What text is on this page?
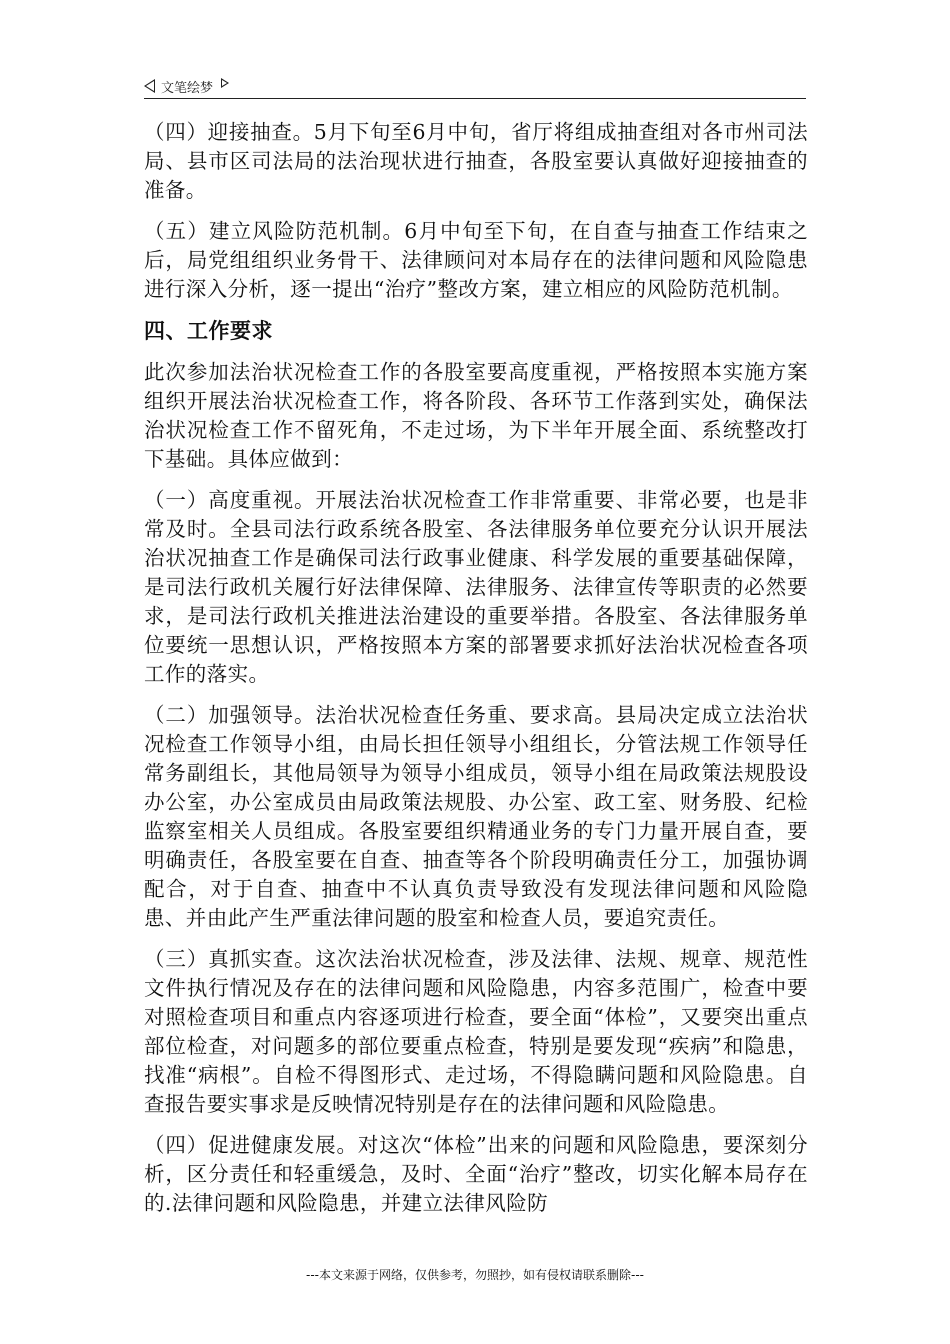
文笔绘梦

（四）迎接抽查。5月下旬至6月中旬，省厅将组成抽查组对各市州司法局、县市区司法局的法治现状进行抽查，各股室要认真做好迎接抽查的准备。

（五）建立风险防范机制。6月中旬至下旬，在自查与抽查工作结束之后，局党组组织业务骨干、法律顾问对本局存在的法律问题和风险隐患进行深入分析，逐一提出“治疗”整改方案，建立相应的风险防范机制。

四、工作要求

此次参加法治状况检查工作的各股室要高度重视，严格按照本实施方案组织开展法治状况检查工作，将各阶段、各环节工作落到实处，确保法治状况检查工作不留死角，不走过场，为下半年开展全面、系统整改打下基础。具体应做到：

（一）高度重视。开展法治状况检查工作非常重要、非常必要，也是非常及时。全县司法行政系统各股室、各法律服务单位要充分认识开展法治状况抽查工作是确保司法行政事业健康、科学发展的重要基础保障，是司法行政机关履行好法律保障、法律服务、法律宣传等职责的必然要求，是司法行政机关推进法治建设的重要举措。各股室、各法律服务单位要统一思想认识，严格按照本方案的部署要求抓好法治状况检查各项工作的落实。

（二）加强领导。法治状况检查任务重、要求高。县局决定成立法治状况检查工作领导小组，由局长担任领导小组组长，分管法规工作领导任常务副组长，其他局领导为领导小组成员，领导小组在局政策法规股设办公室，办公室成员由局政策法规股、办公室、政工室、财务股、纪检监察室相关人员组成。各股室要组织精通业务的专门力量开展自查，要明确责任，各股室要在自查、抽查等各个阶段明确责任分工，加强协调配合，对于自查、抽查中不认真负责导致没有发现法律问题和风险隐患、并由此产生严重法律问题的股室和检查人员，要追究责任。

（三）真抓实查。这次法治状况检查，涉及法律、法规、规章、规范性文件执行情况及存在的法律问题和风险隐患，内容多范围广，检查中要对照检查项目和重点内容逐项进行检查，要全面“体检”，又要突出重点部位检查，对问题多的部位要重点检查，特别是要发现“疾病”和隐患，找准“病根”。自检不得图形式、走过场，不得隐瞒问题和风险隐患。自查报告要实事求是反映情况特别是存在的法律问题和风险隐患。

（四）促进健康发展。对这次“体检”出来的问题和风险隐患，要深刻分析，区分责任和轻重缓急，及时、全面“治疗”整改，切实化解本局存在的.法律问题和风险隐患，并建立法律风险防

---本文来源于网络，仅供参考，勿照抄，如有侵权请联系删除---
